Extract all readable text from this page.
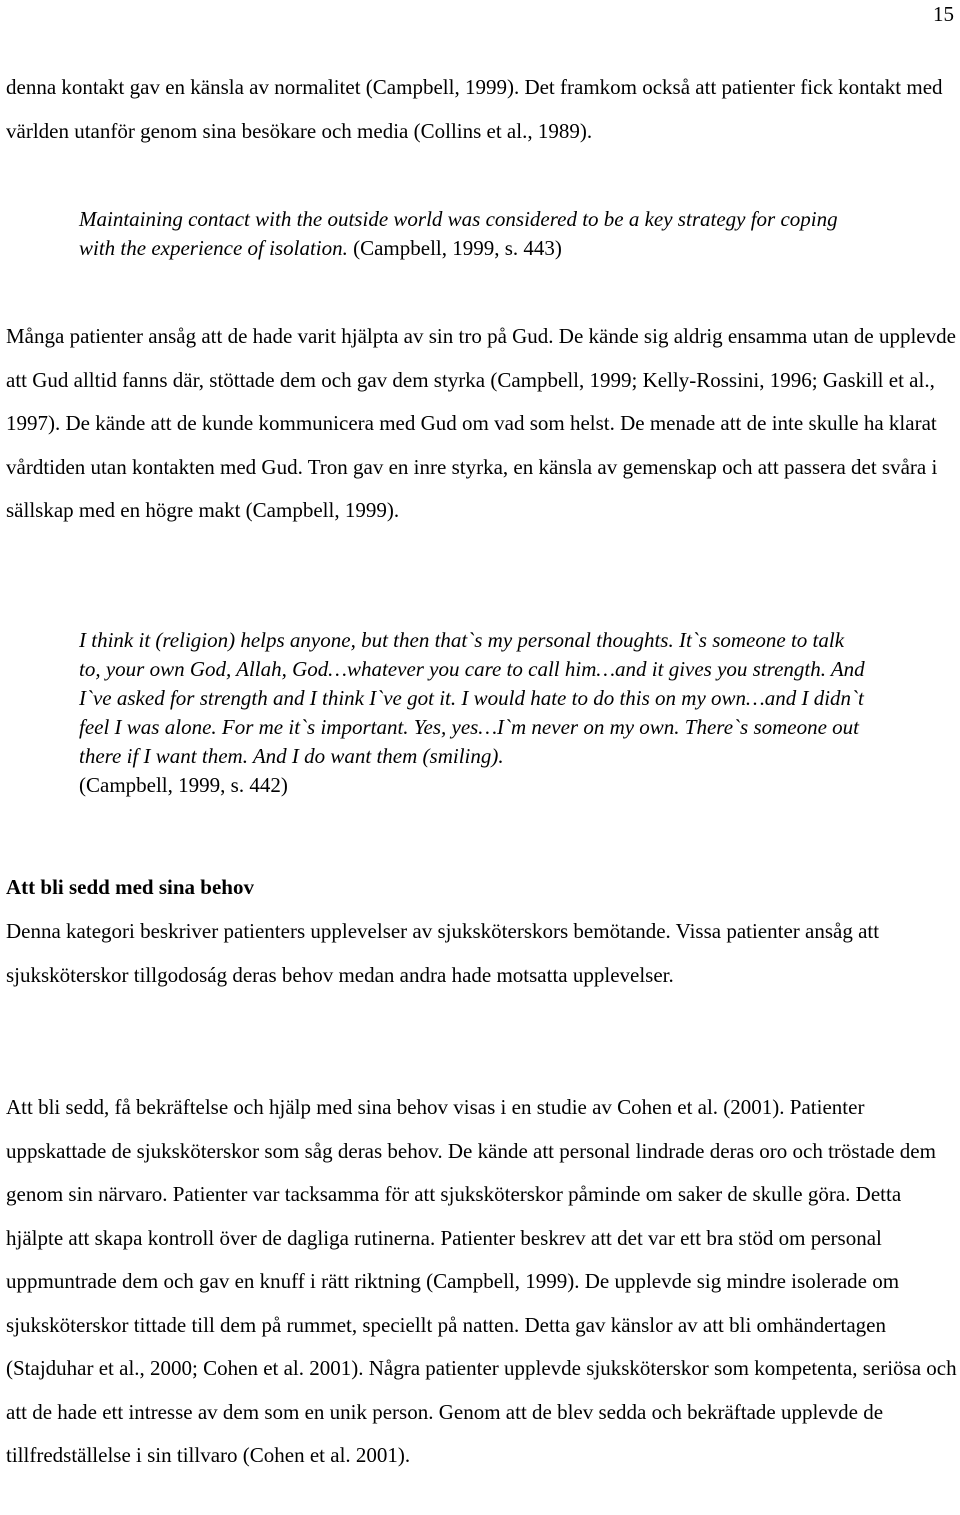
15

denna kontakt gav en känsla av normalitet (Campbell, 1999). Det framkom också att patienter fick kontakt med världen utanför genom sina besökare och media (Collins et al., 1989).

Maintaining contact with the outside world was considered to be a key strategy for coping with the experience of isolation. (Campbell, 1999, s. 443)

Många patienter ansåg att de hade varit hjälpta av sin tro på Gud. De kände sig aldrig ensamma utan de upplevde att Gud alltid fanns där, stöttade dem och gav dem styrka (Campbell, 1999; Kelly-Rossini, 1996; Gaskill et al., 1997). De kände att de kunde kommunicera med Gud om vad som helst. De menade att de inte skulle ha klarat vårdtiden utan kontakten med Gud. Tron gav en inre styrka, en känsla av gemenskap och att passera det svåra i sällskap med en högre makt (Campbell, 1999).

I think it (religion) helps anyone, but then that`s my personal thoughts. It`s someone to talk to, your own God, Allah, God…whatever you care to call him…and it gives you strength. And I`ve asked for strength and I think I`ve got it. I would hate to do this on my own…and I didn`t feel I was alone. For me it`s important. Yes, yes…I`m never on my own. There`s someone out there if I want them. And I do want them (smiling).
(Campbell, 1999, s. 442)

Att bli sedd med sina behov

Denna kategori beskriver patienters upplevelser av sjuksköterskors bemötande. Vissa patienter ansåg att sjuksköterskor tillgodoság deras behov medan andra hade motsatta upplevelser.

Att bli sedd, få bekräftelse och hjälp med sina behov visas i en studie av Cohen et al. (2001). Patienter uppskattade de sjuksköterskor som såg deras behov. De kände att personal lindrade deras oro och tröstade dem genom sin närvaro. Patienter var tacksamma för att sjuksköterskor påminde om saker de skulle göra. Detta hjälpte att skapa kontroll över de dagliga rutinerna. Patienter beskrev att det var ett bra stöd om personal uppmuntrade dem och gav en knuff i rätt riktning (Campbell, 1999). De upplevde sig mindre isolerade om sjuksköterskor tittade till dem på rummet, speciellt på natten. Detta gav känslor av att bli omhändertagen (Stajduhar et al., 2000; Cohen et al. 2001). Några patienter upplevde sjuksköterskor som kompetenta, seriösa och att de hade ett intresse av dem som en unik person. Genom att de blev sedda och bekräftade upplevde de tillfredställelse i sin tillvaro (Cohen et al. 2001).
